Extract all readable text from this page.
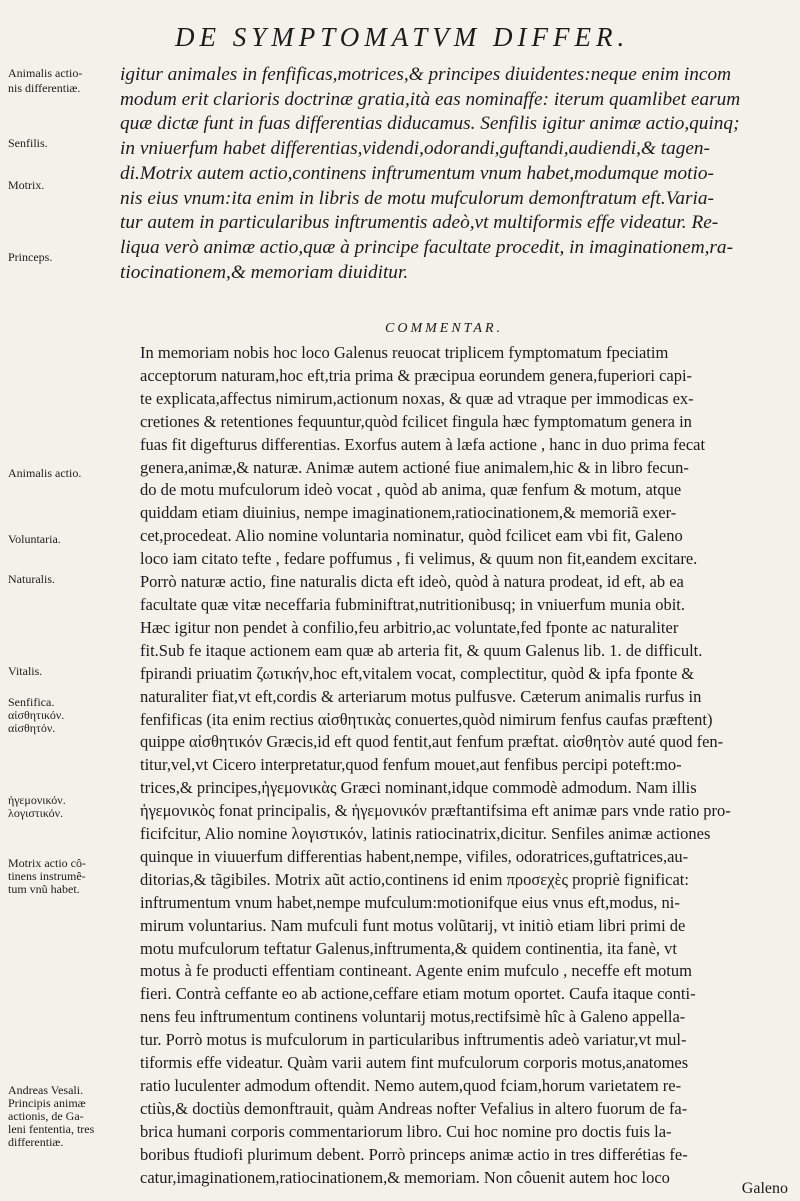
DE SYMPTOMATVM DIFFER.
Animalis actio-
nis differentiæ.
Senfilis.
Motrix.
Princeps.
Animalis actio.
Voluntaria.
Naturalis.
Vitalis.
Senfifica.
αἰσθητικόν.
αἰσθητόν.
ἡγεμονικόν.
λογιστικόν.
Motrix actio cô-
tinens instrumê-
tum vnũ habet.
Andreas Vesali.
Principis animæ
actionis, de Ga-
leni fententia, tres
differentiæ.
igitur animales in fenfificas,motrices,& principes diuidentes:neque enim incom
modum erit clarioris doctrinæ gratia,ità eas nominaffe: iterum quamlibet earum
quæ dictæ funt in fuas differentias diducamus. Senfilis igitur animæ actio,quinq;
in vniuerfum habet differentias,videndi,odorandi,guftandi,audiendi,& tagen-
di.Motrix autem actio,continens inftrumentum vnum habet,modumque motio-
nis eius vnum:ita enim in libris de motu mufculorum demonftratum eft.Varia-
tur autem in particularibus inftrumentis adeò,vt multiformis effe videatur. Re-
liqua verò animæ actio,quæ à principe facultate procedit, in imaginationem,ra-
tiocinationem,& memoriam diuiditur.
COMMENTAR.
In memoriam nobis hoc loco Galenus reuocat triplicem fymptomatum fpeciatim
acceptorum naturam,hoc eft,tria prima & præcipua eorundem genera,fuperiori capi-
te explicata,affectus nimirum,actionum noxas, & quæ ad vtraque per immodicas ex-
cretiones & retentiones fequuntur,quòd fcilicet fingula hæc fymptomatum genera in
fuas fit digefturus differentias. Exorfus autem à læfa actione , hanc in duo prima fecat
genera,animæ,& naturæ. Animæ autem actioné fiue animalem,hic & in libro fecun-
do de motu mufculorum ideò vocat , quòd ab anima, quæ fenfum & motum, atque
quiddam etiam diuinius, nempe imaginationem,ratiocinationem,& memoriã exer-
cet,procedeat. Alio nomine voluntaria nominatur, quòd fcilicet eam vbi fit, Galeno
loco iam citato tefte , fedare poffumus , fi velimus, & quum non fit,eandem excitare.
Porrò naturæ actio, fine naturalis dicta eft ideò, quòd à natura prodeat, id eft, ab ea
facultate quæ vitæ neceffaria fubminiftrat,nutritionibusq; in vniuerfum munia obit.
Hæc igitur non pendet à confilio,feu arbitrio,ac voluntate,fed fponte ac naturaliter
fit.Sub fe itaque actionem eam quæ ab arteria fit, & quum Galenus lib. 1. de difficult.
fpirandi priuatim ζωτικήν,hoc eft,vitalem vocat, complectitur, quòd & ipfa fponte &
naturaliter fiat,vt eft,cordis & arteriarum motus pulfusve. Cæterum animalis rurfus in
fenfificas (ita enim rectius αἰσθητικὰς conuertes,quòd nimirum fenfus caufas præftent)
quippe αἰσθητικόν Græcis,id eft quod fentit,aut fenfum præftat. αἰσθητὸν auté quod fen-
titur,vel,vt Cicero interpretatur,quod fenfum mouet,aut fenfibus percipi poteft:mo-
trices,& principes,ἡγεμονικὰς Græci nominant,idque commodè admodum. Nam illis
ἡγεμονικὸς fonat principalis, & ἡγεμονικόν præftantifsima eft animæ pars vnde ratio pro-
ficifcitur, Alio nomine λογιστικόν, latinis ratiocinatrix,dicitur. Senfiles animæ actiones
quinque in viuuerfum differentias habent,nempe, vifiles, odoratrices,guftatrices,au-
ditorias,& tãgibiles. Motrix aũt actio,continens id enim προσεχὲς propriè fignificat:
inftrumentum vnum habet,nempe mufculum:motionifque eius vnus eft,modus, ni-
mirum voluntarius. Nam mufculi funt motus volũtarij, vt initiò etiam libri primi de
motu mufculorum teftatur Galenus,inftrumenta,& quidem continentia, ita fanè, vt
motus à fe producti effentiam contineant. Agente enim mufculo , neceffe eft motum
fieri. Contrà ceffante eo ab actione,ceffare etiam motum oportet. Caufa itaque conti-
nens feu inftrumentum continens voluntarij motus,rectifsimè hîc à Galeno appella-
tur. Porrò motus is mufculorum in particularibus inftrumentis adeò variatur,vt mul-
tiformis effe videatur. Quàm varii autem fint mufculorum corporis motus,anatomes
ratio luculenter admodum oftendit. Nemo autem,quod fciam,horum varietatem re-
ctiùs,& doctiùs demonftrauit, quàm Andreas nofter Vefalius in altero fuorum de fa-
brica humani corporis commentariorum libro. Cui hoc nomine pro doctis fuis la-
boribus ftudiofi plurimum debent. Porrò princeps animæ actio in tres differétias fe-
catur,imaginationem,ratiocinationem,& memoriam. Non côuenit autem hoc loco
Galeno
